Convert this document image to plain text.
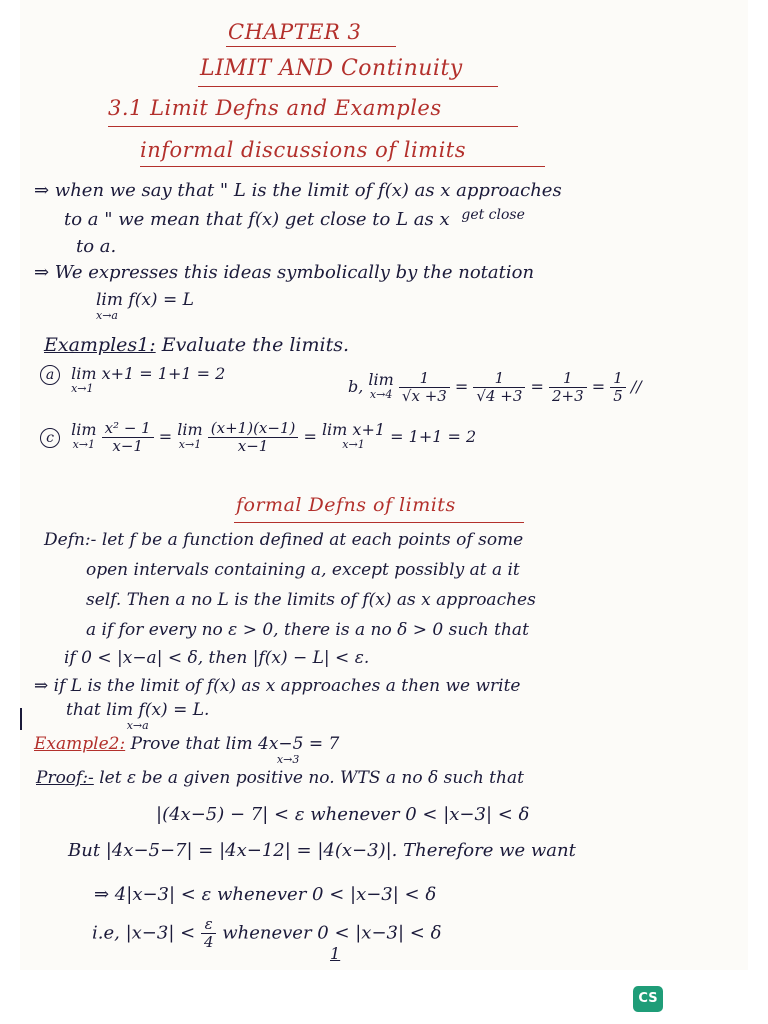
CHAPTER 3
LIMIT AND Continuity
3.1 Limit Defns and Examples
informal discussions of limits
⇒ when we say that " L is the limit of f(x) as x approaches
to a " we mean that f(x) get close to L as x $^{get close}$
to a.
⇒ We expresses this ideas symbolically by the notation
lim f(x) = L
x→a
Examples1: Evaluate the limits.
a lim x+1 = 1+1 = 2
x→1	b, lim
x→4
$\frac{1}{√x +3} = \frac{1}{√4 +3} = \frac{1}{2+3} = \frac{1}{5}$ //
c lim
x→1
$\frac{\text{x² − 1}}{x-1} = \lim$
x→1
$\frac{(x+1)(x-1)}{x-1} = \lim x+1$
x→1	= 1+1 = 2
formal Defns of limits
Defn:- let f be a function defined at each points of some
open intervals containing a, except possibly at a it
self. Then a no L is the limits of f(x) as x approaches
a if for every no ε > 0, there is a no δ > 0 such that
if 0 < |x−a| < δ, then |f(x) − L| < ε.
⇒ if L is the limit of f(x) as x approaches a then we write
that lim f(x) = L.
x→a
Example2: Prove that lim 4x−5 = 7
x→3
Proof:- let ε be a given positive no. WTS a no δ such that
|(4x−5) − 7| < ε whenever 0 < |x−3| < δ
But |4x−5−7| = |4x−12| = |4(x−3)|. Therefore we want
⇒ 4|x−3| < ε whenever 0 < |x−3| < δ
i.e, $|x-3| < \frac{\varepsilon}{4}$ whenever 0 < |x−3| < δ
1
CS
